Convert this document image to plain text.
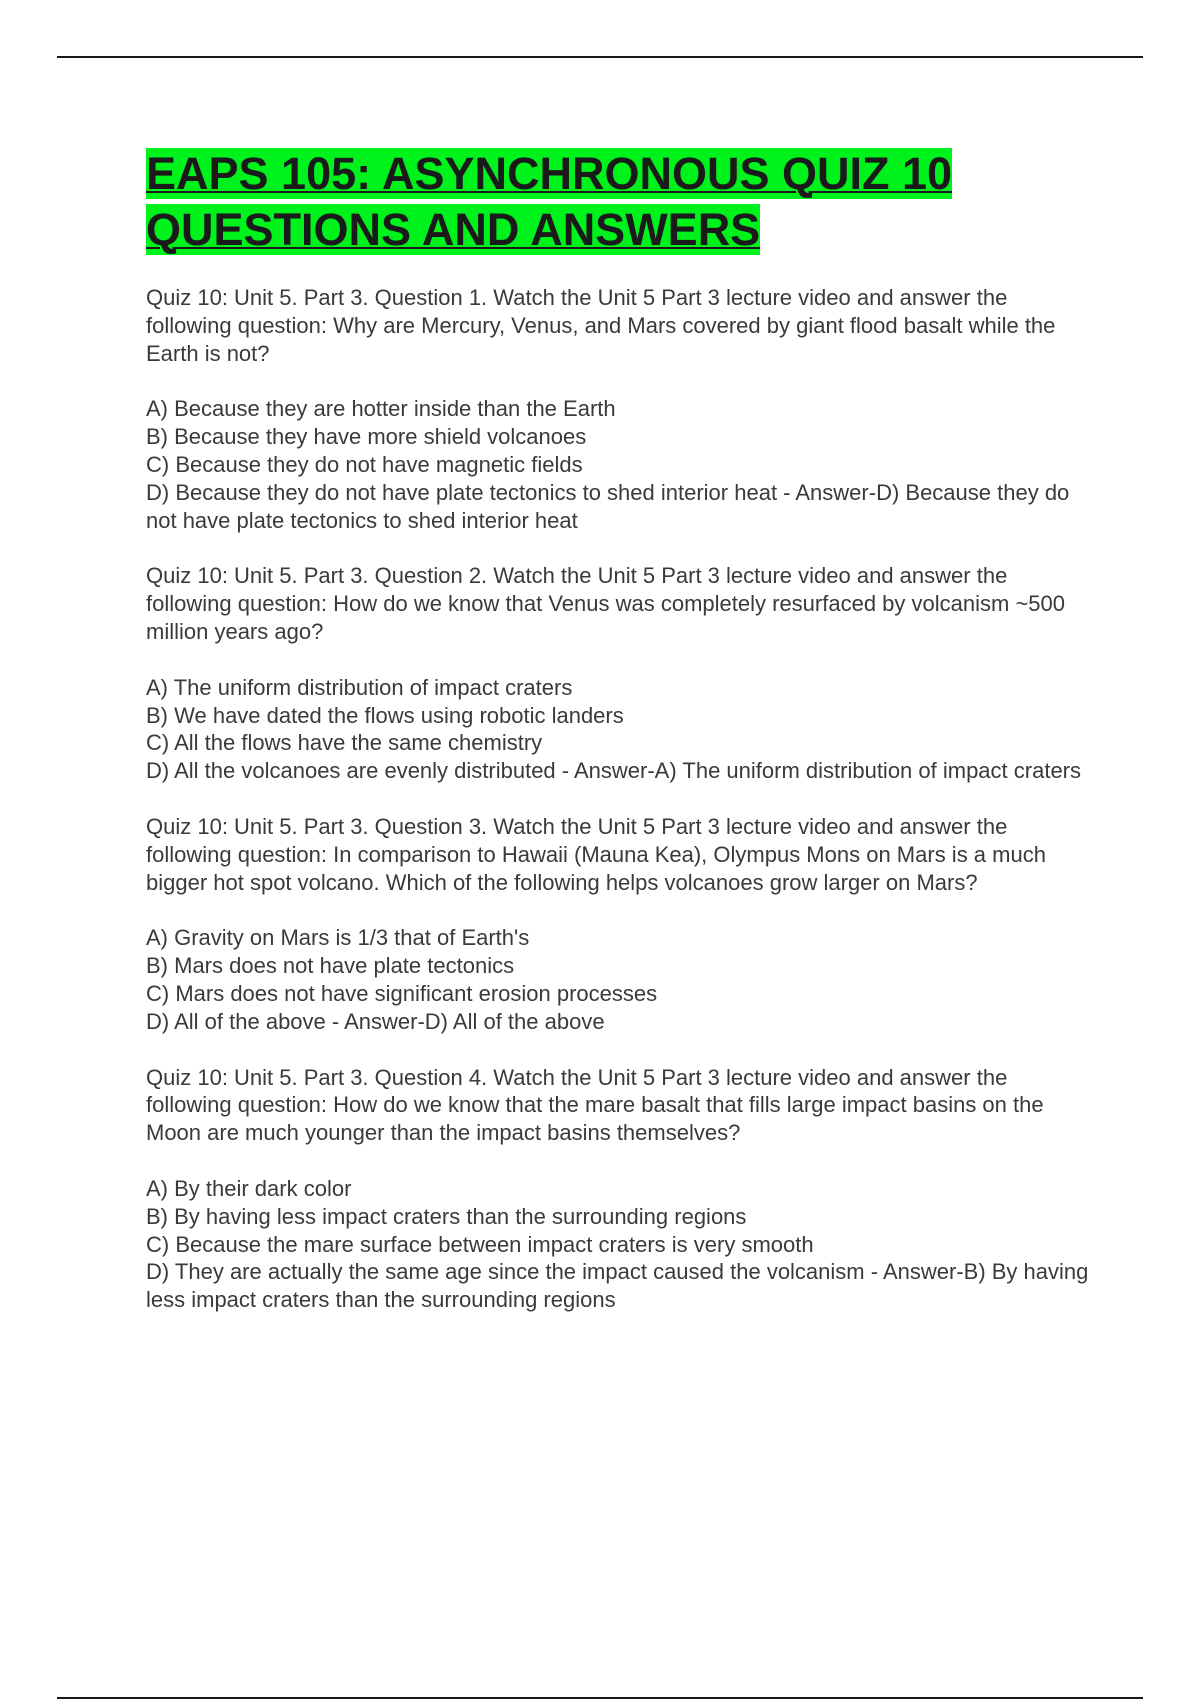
EAPS 105: ASYNCHRONOUS QUIZ 10
QUESTIONS AND ANSWERS

Quiz 10: Unit 5. Part 3. Question 1. Watch the Unit 5 Part 3 lecture video and answer the following question: Why are Mercury, Venus, and Mars covered by giant flood basalt while the Earth is not?

A) Because they are hotter inside than the Earth
B) Because they have more shield volcanoes
C) Because they do not have magnetic fields
D) Because they do not have plate tectonics to shed interior heat - Answer-D) Because they do not have plate tectonics to shed interior heat

Quiz 10: Unit 5. Part 3. Question 2. Watch the Unit 5 Part 3 lecture video and answer the following question: How do we know that Venus was completely resurfaced by volcanism ~500 million years ago?

A) The uniform distribution of impact craters
B) We have dated the flows using robotic landers
C) All the flows have the same chemistry
D) All the volcanoes are evenly distributed - Answer-A) The uniform distribution of impact craters

Quiz 10: Unit 5. Part 3. Question 3. Watch the Unit 5 Part 3 lecture video and answer the following question: In comparison to Hawaii (Mauna Kea), Olympus Mons on Mars is a much bigger hot spot volcano. Which of the following helps volcanoes grow larger on Mars?

A) Gravity on Mars is 1/3 that of Earth's
B) Mars does not have plate tectonics
C) Mars does not have significant erosion processes
D) All of the above - Answer-D) All of the above

Quiz 10: Unit 5. Part 3. Question 4. Watch the Unit 5 Part 3 lecture video and answer the following question: How do we know that the mare basalt that fills large impact basins on the Moon are much younger than the impact basins themselves?

A) By their dark color
B) By having less impact craters than the surrounding regions
C) Because the mare surface between impact craters is very smooth
D) They are actually the same age since the impact caused the volcanism - Answer-B) By having less impact craters than the surrounding regions
